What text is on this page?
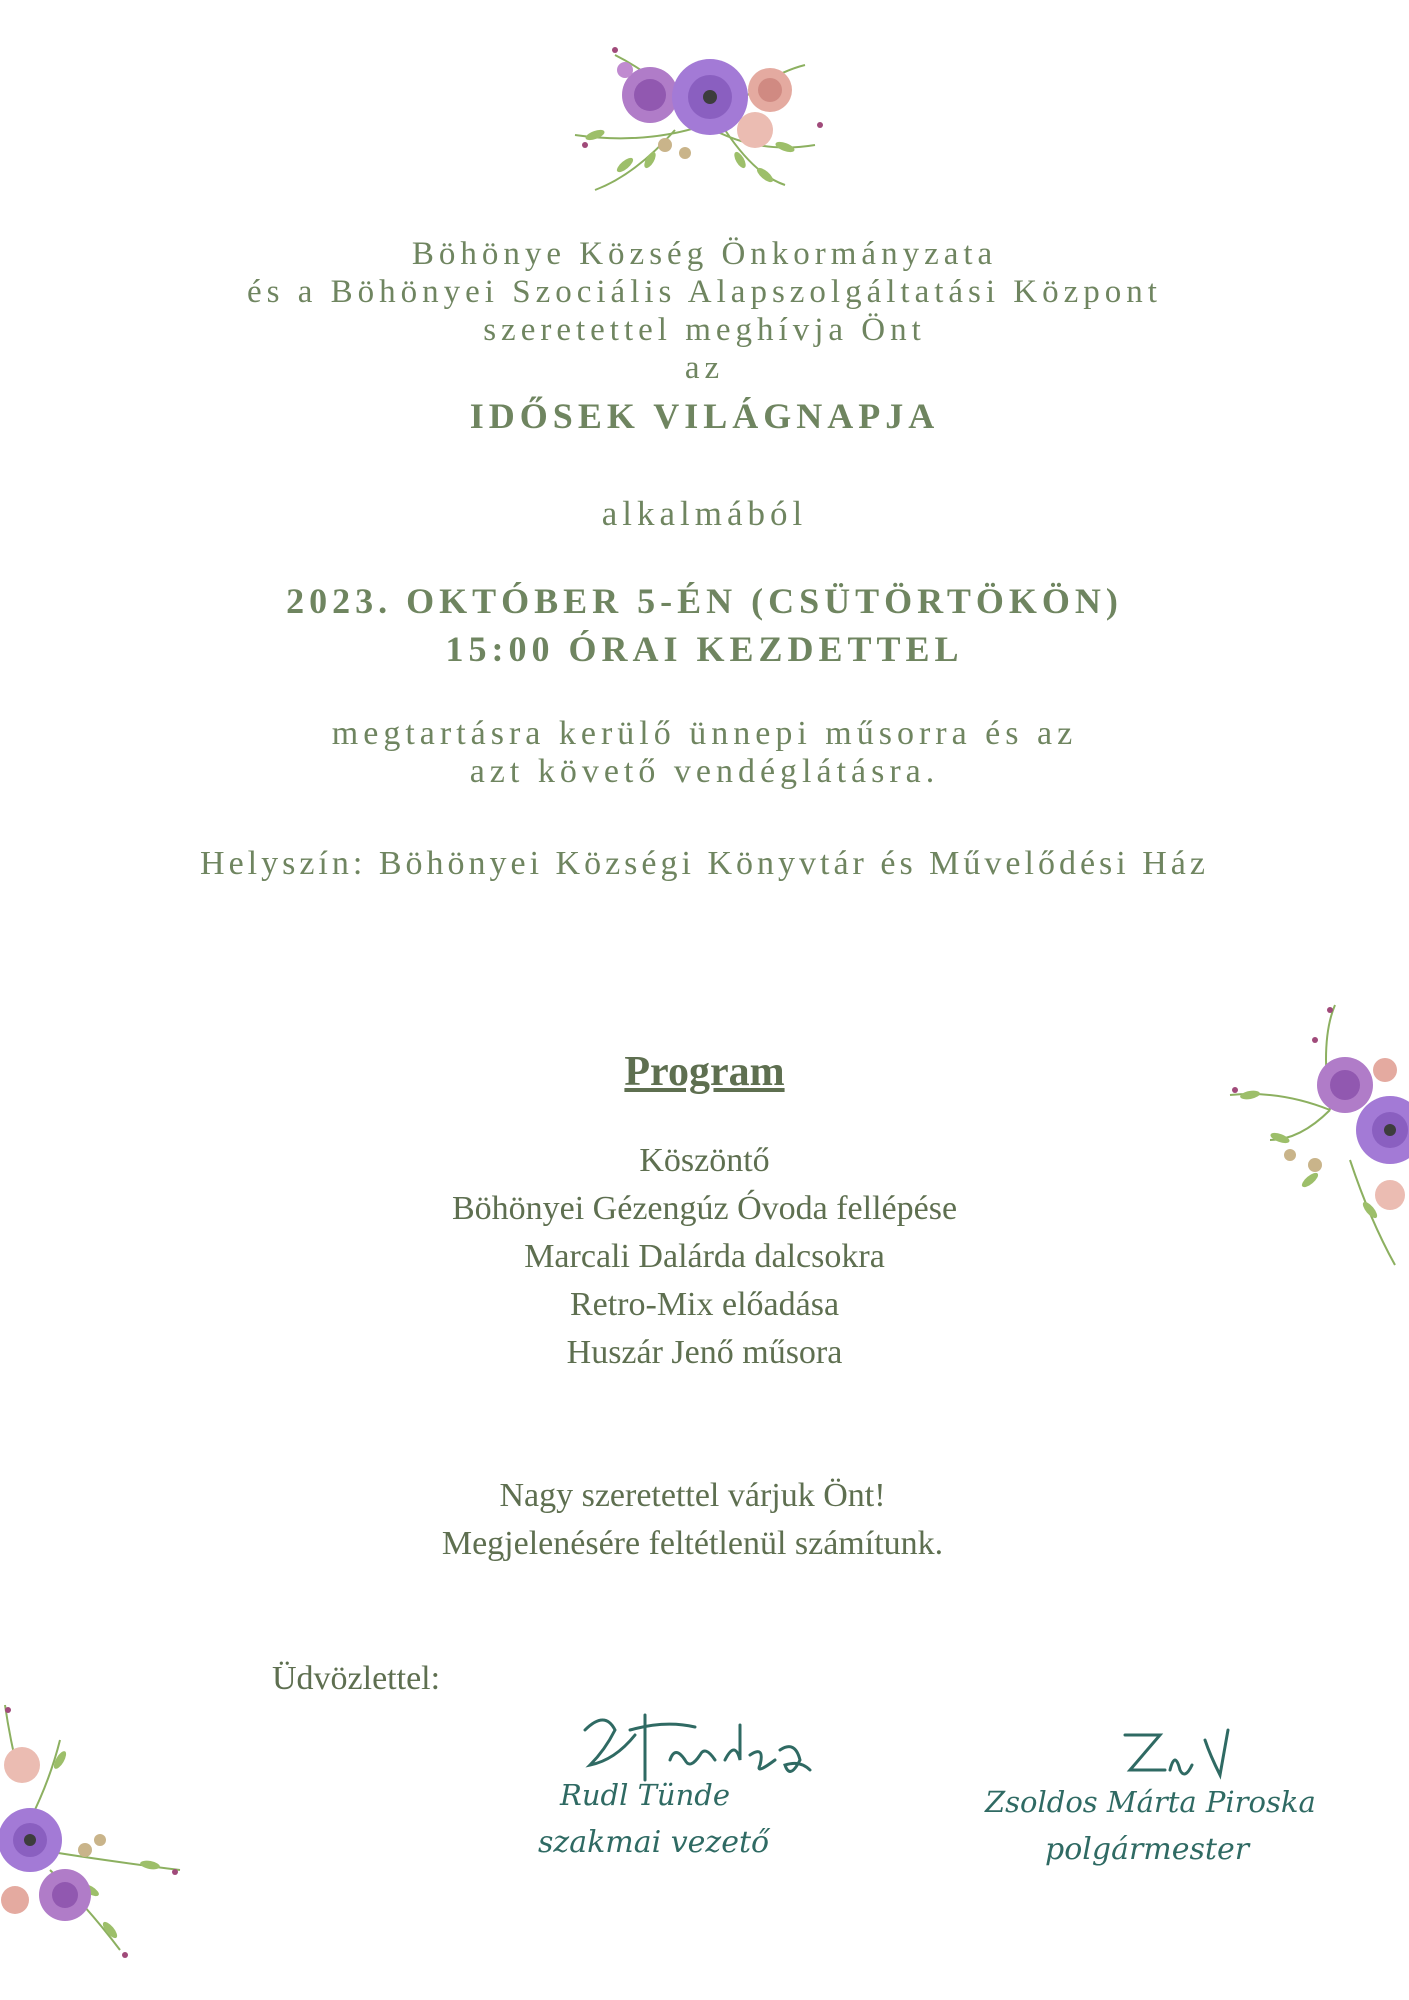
Böhönye Község Önkormányzata
és a Böhönyei Szociális Alapszolgáltatási Központ
szeretettel meghívja Önt
az
IDŐSEK VILÁGNAPJA
alkalmából
2023. OKTÓBER 5-ÉN (CSÜTÖRTÖKÖN)
15:00 ÓRAI KEZDETTEL
megtartásra kerülő ünnepi műsorra és az
azt követő vendéglátásra.
Helyszín: Böhönyei Községi Könyvtár és Művelődési Ház
Program
Köszöntő
Böhönyei Gézengúz Óvoda fellépése
Marcali Dalárda dalcsokra
Retro-Mix előadása
Huszár Jenő műsora
Nagy szeretettel várjuk Önt!
Megjelenésére feltétlenül számítunk.
Üdvözlettel:
Rudl Tünde
szakmai vezető
Zsoldos Márta Piroska
polgármester
